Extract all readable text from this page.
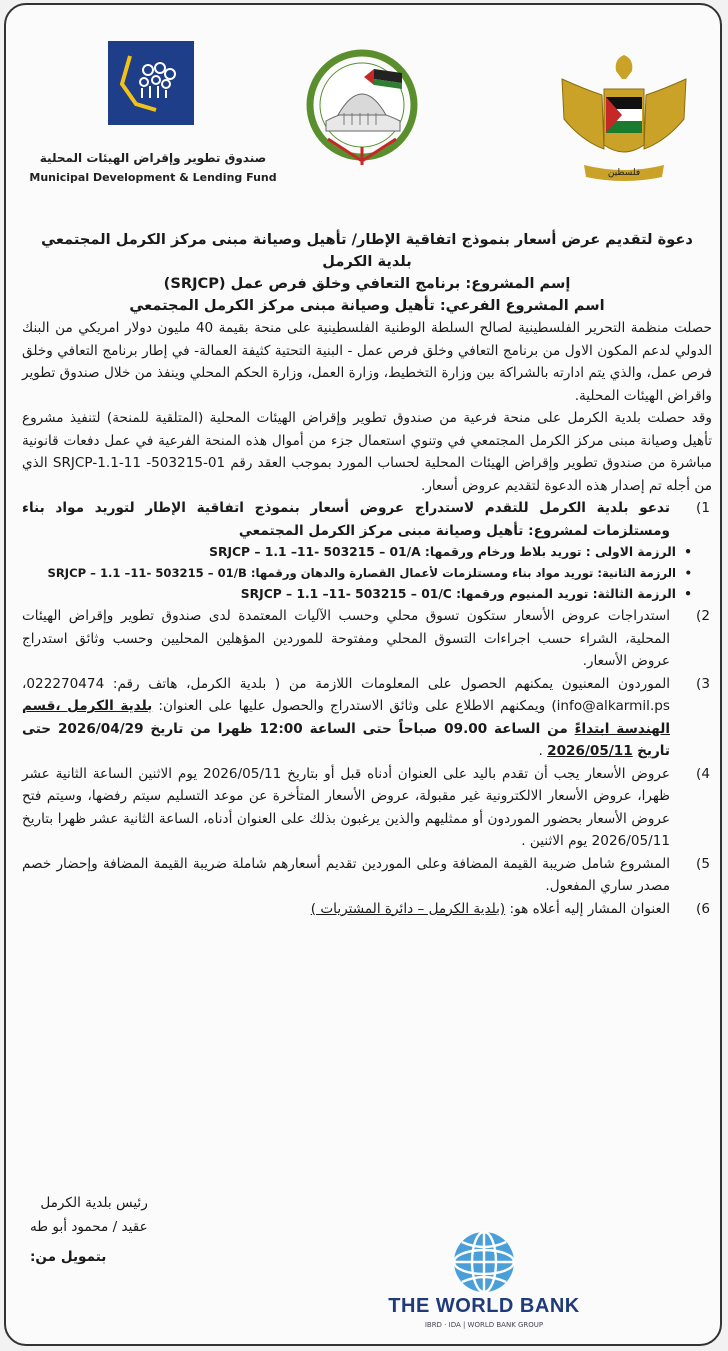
صندوق تطوير وإقراض الهيئات المحلية
Municipal Development & Lending Fund	فلسطين
دعوة لتقديم عرض أسعار بنموذج اتفاقية الإطار/ تأهيل وصيانة مبنى مركز الكرمل المجتمعي
بلدية الكرمل
إسم المشروع: برنامج التعافي وخلق فرص عمل (SRJCP)
اسم المشروع الفرعي: تأهيل وصيانة مبنى مركز الكرمل المجتمعي

حصلت منظمة التحرير الفلسطينية لصالح السلطة الوطنية الفلسطينية على منحة بقيمة 40 مليون دولار امريكي من البنك الدولي لدعم المكون الاول من برنامج التعافي وخلق فرص عمل - البنية التحتية كثيفة العمالة- في إطار برنامج التعافي وخلق فرص عمل، والذي يتم ادارته بالشراكة بين وزارة التخطيط، وزارة العمل، وزارة الحكم المحلي وينفذ من خلال صندوق تطوير واقراض الهيئات المحلية.

وقد حصلت بلدية الكرمل على منحة فرعية من صندوق تطوير وإقراض الهيئات المحلية (المتلقية للمنحة) لتنفيذ مشروع تأهيل وصيانة مبنى مركز الكرمل المجتمعي في وتنوي استعمال جزء من أموال هذه المنحة الفرعية في عمل دفعات قانونية مباشرة من صندوق تطوير وإقراض الهيئات المحلية لحساب المورد بموجب العقد رقم SRJCP-1.1-11 -503215-01 الذي من أجله تم إصدار هذه الدعوة لتقديم عروض أسعار.

1)
تدعو بلدية الكرمل للتقدم لاستدراج عروض أسعار بنموذج اتفاقية الإطار لتوريد مواد بناء ومستلزمات لمشروع: تأهيل وصيانة مبنى مركز الكرمل المجتمعي
• الرزمة الاولى : توريد بلاط ورخام ورقمها: SRJCP – 1.1 –11- 503215 – 01/A
• الرزمة الثانية: توريد مواد بناء ومستلزمات لأعمال القصارة والدهان ورقمها: SRJCP – 1.1 –11- 503215 – 01/B
• الرزمة الثالثة: توريد المنيوم ورقمها: SRJCP – 1.1 –11- 503215 – 01/C
2)
استدراجات عروض الأسعار ستكون تسوق محلي وحسب الآليات المعتمدة لدى صندوق تطوير وإقراض الهيئات المحلية، الشراء حسب اجراءات التسوق المحلي ومفتوحة للموردين المؤهلين المحليين وحسب وثائق استدراج عروض الأسعار.
3)
الموردون المعنيون يمكنهم الحصول على المعلومات اللازمة من ( بلدية الكرمل، هاتف رقم: 022270474، info@alkarmil.ps) ويمكنهم الاطلاع على وثائق الاستدراج والحصول عليها على العنوان: بلدية الكرمل ،قسم الهندسة ابتداءً من الساعة 09.00 صباحاً حتى الساعة 12:00 ظهرا من تاريخ 2026/04/29 حتى تاريخ 2026/05/11 .
4)
عروض الأسعار يجب أن تقدم باليد على العنوان أدناه قبل أو بتاريخ 2026/05/11 يوم الاثنين الساعة الثانية عشر ظهرا، عروض الأسعار الالكترونية غير مقبولة، عروض الأسعار المتأخرة عن موعد التسليم سيتم رفضها، وسيتم فتح عروض الأسعار بحضور الموردون أو ممثليهم والذين يرغبون بذلك على العنوان أدناه، الساعة الثانية عشر ظهرا بتاريخ 2026/05/11 يوم الاثنين .
5)
المشروع شامل ضريبة القيمة المضافة وعلى الموردين تقديم أسعارهم شاملة ضريبة القيمة المضافة وإحضار خصم مصدر ساري المفعول.
6)
العنوان المشار إليه أعلاه هو: (بلدية الكرمل – دائرة المشتريات )
رئيس بلدية الكرمل
عقيد / محمود أبو طه
بتمويل من:
THE WORLD BANK
IBRD · IDA | WORLD BANK GROUP
